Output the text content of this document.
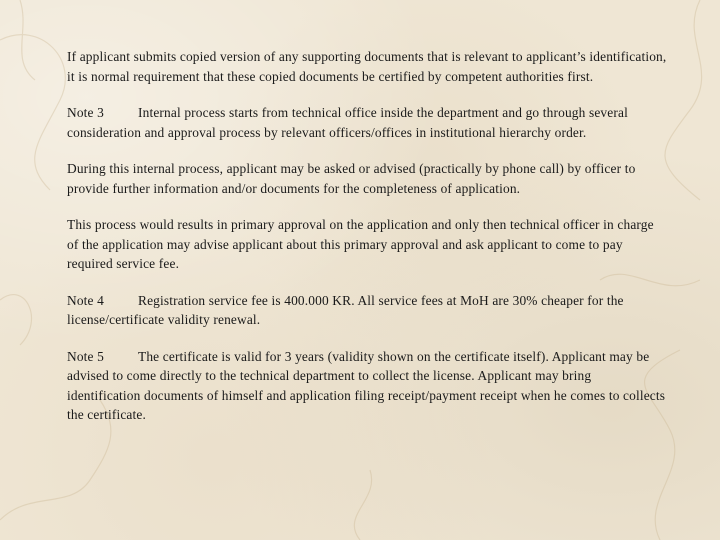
If applicant submits copied version of any supporting documents that is relevant to applicant’s identification, it is normal requirement that these copied documents be certified by competent authorities first.

Note 3	Internal process starts from technical office inside the department and go through several consideration and approval process by relevant officers/offices in institutional hierarchy order.

During this internal process, applicant may be asked or advised (practically by phone call) by officer to provide further information and/or documents for the completeness of application.

This process would results in primary approval on the application and only then technical officer in charge of the application may advise applicant about this primary approval and ask applicant to come to pay required service fee.

Note 4	Registration service fee is 400.000 KR. All service fees at MoH are 30% cheaper for the license/certificate validity renewal.

Note 5	The certificate is valid for 3 years (validity shown on the certificate itself). Applicant may be advised to come directly to the technical department to collect the license. Applicant may bring identification documents of himself and application filing receipt/payment receipt when he comes to collects the certificate.
